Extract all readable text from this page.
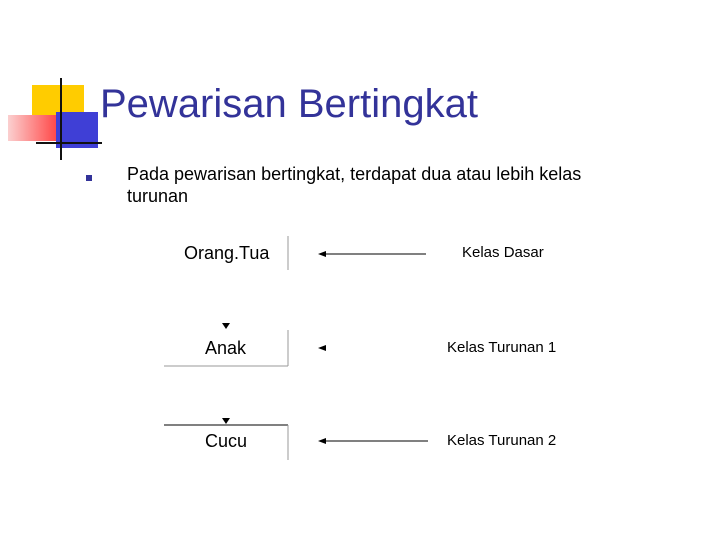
Pewarisan Bertingkat
Pada pewarisan bertingkat, terdapat dua atau lebih kelas turunan
Orang.Tua
Anak
Cucu
Kelas Dasar
Kelas Turunan 1
Kelas Turunan 2
